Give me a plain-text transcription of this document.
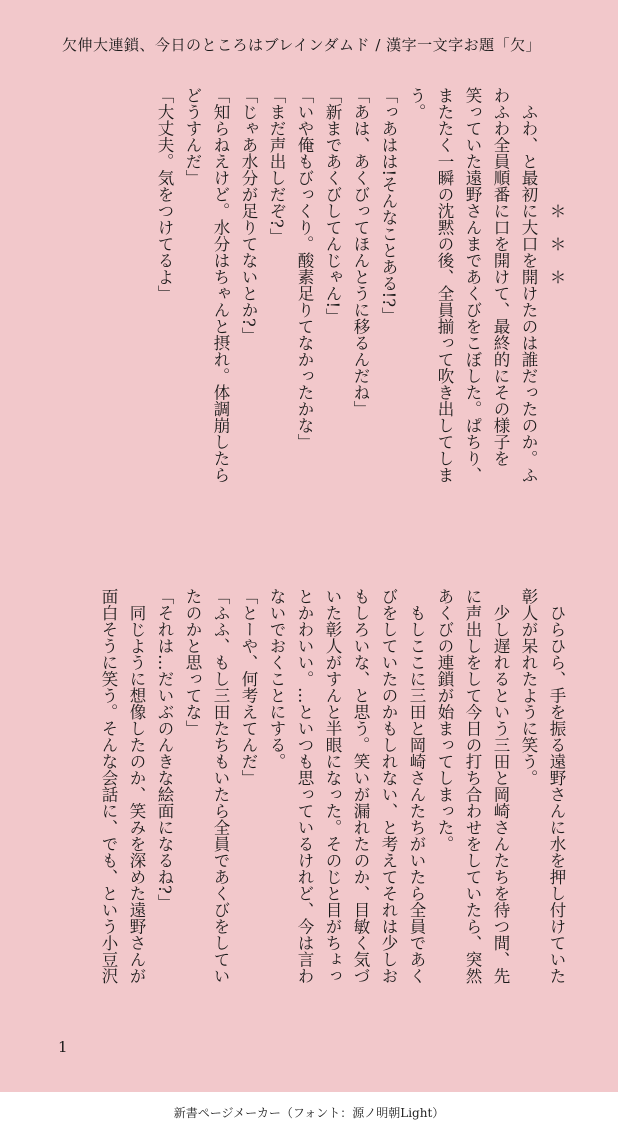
欠伸大連鎖、今日のところはブレインダムド / 漢字一文字お題「欠」

　　　　　　　＊　＊　＊

　ふわ、と最初に大口を開けたのは誰だったのか。ふ

わふわ全員順番に口を開けて、最終的にその様子を

笑っていた遠野さんまであくびをこぼした。ぱちり、

またたく一瞬の沈黙の後、全員揃って吹き出してしま

う。

「っあはは!そんなことある!?」

「あは、あくびってほんとうに移るんだね」

「新まであくびしてんじゃん!」

「いや俺もびっくり。酸素足りてなかったかな」

「まだ声出しだぞ?」

「じゃあ水分が足りてないとか?」

「知らねえけど。水分はちゃんと摂れ。体調崩したら

どうすんだ」

「大丈夫。気をつけてるよ」

　ひらひら、手を振る遠野さんに水を押し付けていた

彰人が呆れたように笑う。

　少し遅れるという三田と岡崎さんたちを待つ間、先

に声出しをして今日の打ち合わせをしていたら、突然

あくびの連鎖が始まってしまった。

　もしここに三田と岡崎さんたちがいたら全員であく

びをしていたのかもしれない、と考えてそれは少しお

もしろいな、と思う。笑いが漏れたのか、目敏く気づ

いた彰人がすんと半眼になった。そのじと目がちょっ

とかわいい。…といつも思っているけれど、今は言わ

ないでおくことにする。

「とーや、何考えてんだ」

「ふふ、もし三田たちもいたら全員であくびをしてい

たのかと思ってな」

「それは…だいぶのんきな絵面になるね?」

　同じように想像したのか、笑みを深めた遠野さんが

面白そうに笑う。そんな会話に、でも、という小豆沢

1
新書ページメーカー（フォント：源ノ明朝Light）
